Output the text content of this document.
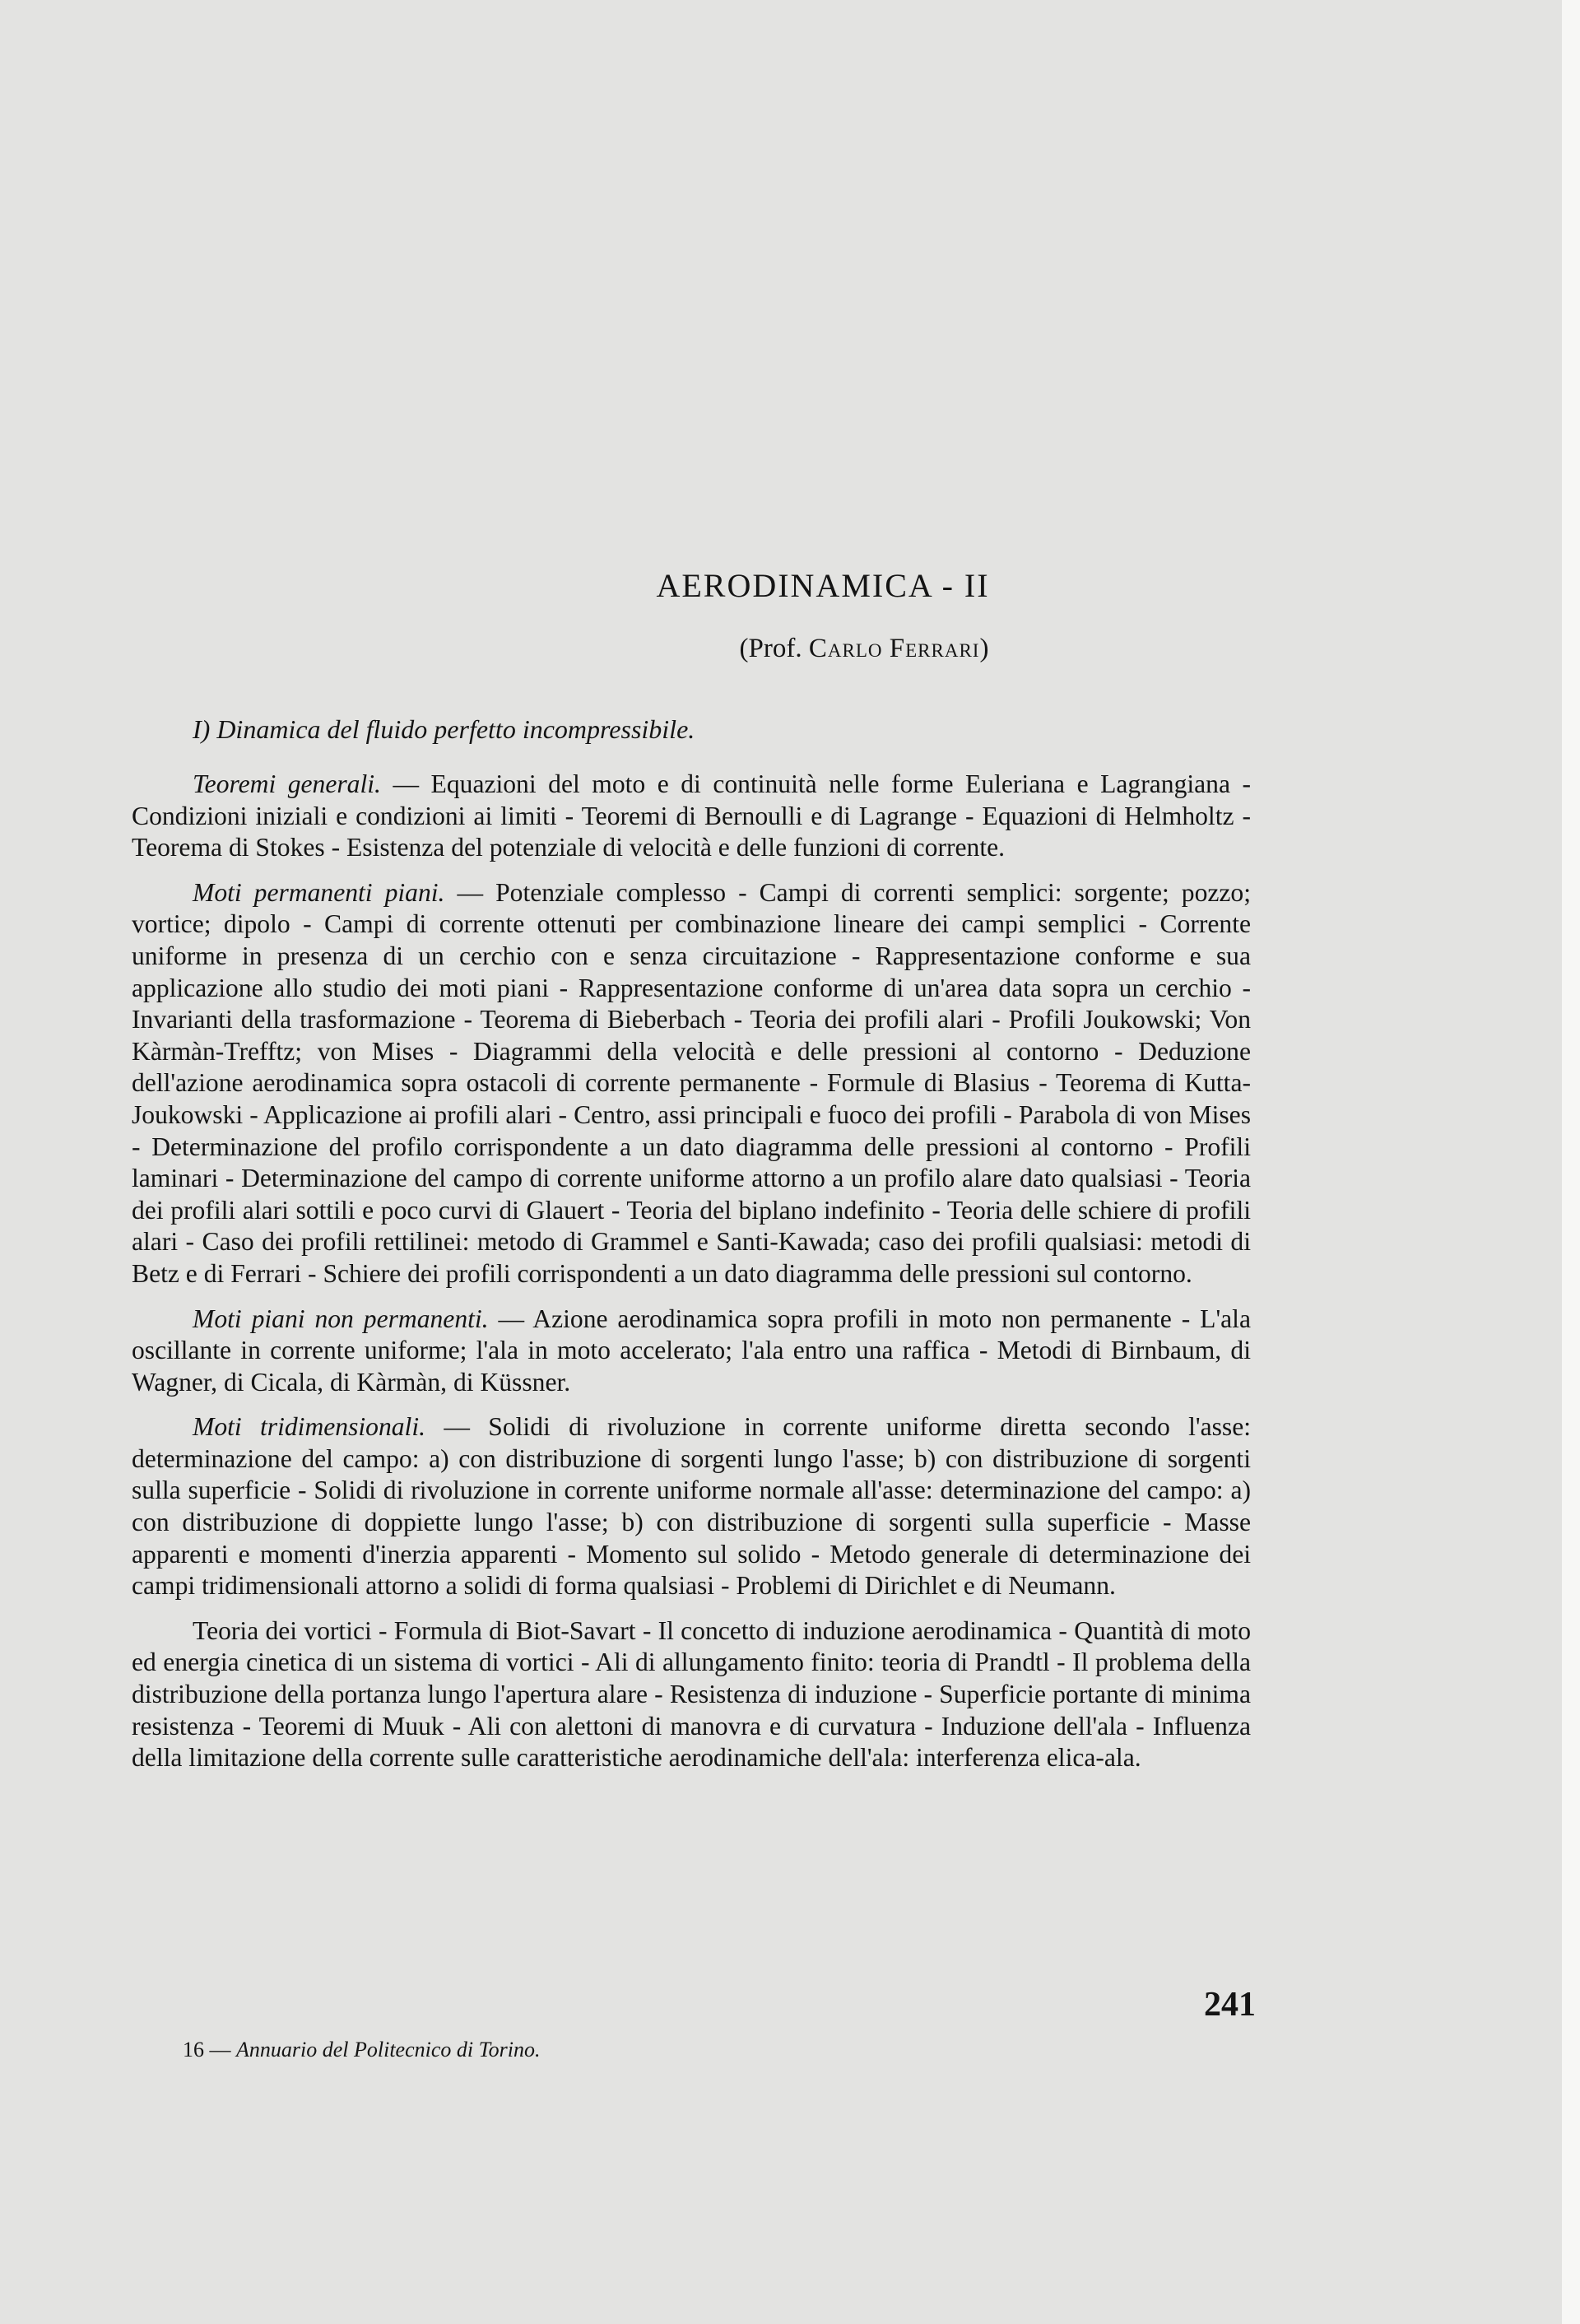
AERODINAMICA - II
(Prof. Carlo Ferrari)
I) Dinamica del fluido perfetto incompressibile.

Teoremi generali. — Equazioni del moto e di continuità nelle forme Euleriana e Lagrangiana - Condizioni iniziali e condizioni ai limiti - Teoremi di Bernoulli e di Lagrange - Equazioni di Helmholtz - Teorema di Stokes - Esistenza del potenziale di velocità e delle funzioni di corrente.

Moti permanenti piani. — Potenziale complesso - Campi di correnti semplici: sorgente; pozzo; vortice; dipolo - Campi di corrente ottenuti per combinazione lineare dei campi semplici - Corrente uniforme in presenza di un cerchio con e senza circuitazione - Rappresentazione conforme e sua applicazione allo studio dei moti piani - Rappresentazione conforme di un'area data sopra un cerchio - Invarianti della trasformazione - Teorema di Bieberbach - Teoria dei profili alari - Profili Joukowski; Von Kàrmàn-Trefftz; von Mises - Diagrammi della velocità e delle pressioni al contorno - Deduzione dell'azione aerodinamica sopra ostacoli di corrente permanente - Formule di Blasius - Teorema di Kutta-Joukowski - Applicazione ai profili alari - Centro, assi principali e fuoco dei profili - Parabola di von Mises - Determinazione del profilo corrispondente a un dato diagramma delle pressioni al contorno - Profili laminari - Determinazione del campo di corrente uniforme attorno a un profilo alare dato qualsiasi - Teoria dei profili alari sottili e poco curvi di Glauert - Teoria del biplano indefinito - Teoria delle schiere di profili alari - Caso dei profili rettilinei: metodo di Grammel e Santi-Kawada; caso dei profili qualsiasi: metodi di Betz e di Ferrari - Schiere dei profili corrispondenti a un dato diagramma delle pressioni sul contorno.

Moti piani non permanenti. — Azione aerodinamica sopra profili in moto non permanente - L'ala oscillante in corrente uniforme; l'ala in moto accelerato; l'ala entro una raffica - Metodi di Birnbaum, di Wagner, di Cicala, di Kàrmàn, di Küssner.

Moti tridimensionali. — Solidi di rivoluzione in corrente uniforme diretta secondo l'asse: determinazione del campo: a) con distribuzione di sorgenti lungo l'asse; b) con distribuzione di sorgenti sulla superficie - Solidi di rivoluzione in corrente uniforme normale all'asse: determinazione del campo: a) con distribuzione di doppiette lungo l'asse; b) con distribuzione di sorgenti sulla superficie - Masse apparenti e momenti d'inerzia apparenti - Momento sul solido - Metodo generale di determinazione dei campi tridimensionali attorno a solidi di forma qualsiasi - Problemi di Dirichlet e di Neumann.

Teoria dei vortici - Formula di Biot-Savart - Il concetto di induzione aerodinamica - Quantità di moto ed energia cinetica di un sistema di vortici - Ali di allungamento finito: teoria di Prandtl - Il problema della distribuzione della portanza lungo l'apertura alare - Resistenza di induzione - Superficie portante di minima resistenza - Teoremi di Muuk - Ali con alettoni di manovra e di curvatura - Induzione dell'ala - Influenza della limitazione della corrente sulle caratteristiche aerodinamiche dell'ala: interferenza elica-ala.

241
16 — Annuario del Politecnico di Torino.
